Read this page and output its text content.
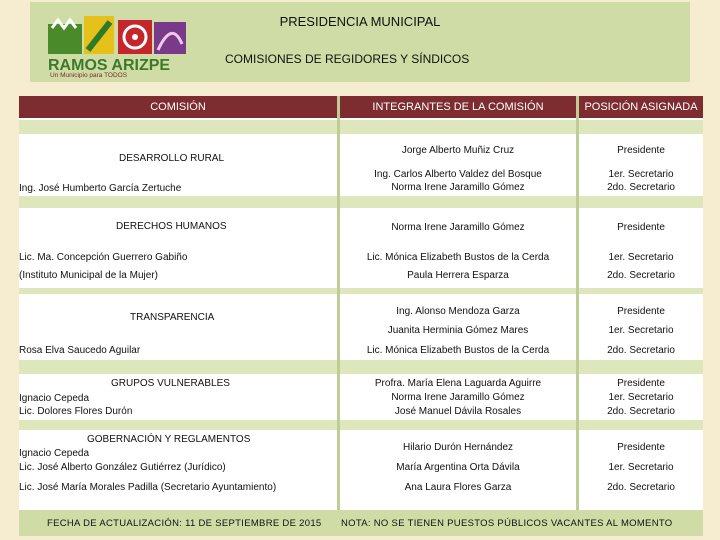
RAMOS ARIZPE
Un Municipio para TODOS
PRESIDENCIA MUNICIPAL
COMISIONES DE REGIDORES Y SÍNDICOS
COMISIÓN	INTEGRANTES DE LA COMISIÓN	POSICIÓN ASIGNADA
DESARROLLO RURAL
Ing. José Humberto García Zertuche
Jorge Alberto Muñiz Cruz
Ing. Carlos Alberto Valdez del Bosque
Norma Irene Jaramillo Gómez
Presidente
1er. Secretario
2do. Secretario
DERECHOS HUMANOS
Lic. Ma. Concepción Guerrero Gabiño
(Instituto Municipal de la Mujer)
Norma Irene Jaramillo Gómez
Lic. Mónica Elizabeth Bustos de la Cerda
Paula Herrera Esparza
Presidente
1er. Secretario
2do. Secretario
TRANSPARENCIA
Rosa Elva Saucedo Aguilar
Ing. Alonso Mendoza Garza
Juanita Herminia Gómez Mares
Lic. Mónica Elizabeth Bustos de la Cerda
Presidente
1er. Secretario
2do. Secretario
GRUPOS VULNERABLES
Ignacio Cepeda
Lic. Dolores Flores Durón
Profra. María Elena Laguarda Aguirre
Norma Irene Jaramillo Gómez
José Manuel Dávila Rosales
Presidente
1er. Secretario
2do. Secretario
GOBERNACIÓN Y REGLAMENTOS
Ignacio Cepeda
Lic. José Alberto González Gutiérrez (Jurídico)
Lic. José María Morales Padilla (Secretario Ayuntamiento)
Hilario Durón Hernández
María Argentina Orta Dávila
Ana Laura Flores Garza
Presidente
1er. Secretario
2do. Secretario
FECHA DE ACTUALIZACIÓN: 11 DE SEPTIEMBRE DE 2015 NOTA: NO SE TIENEN PUESTOS PÚBLICOS VACANTES AL MOMENTO
